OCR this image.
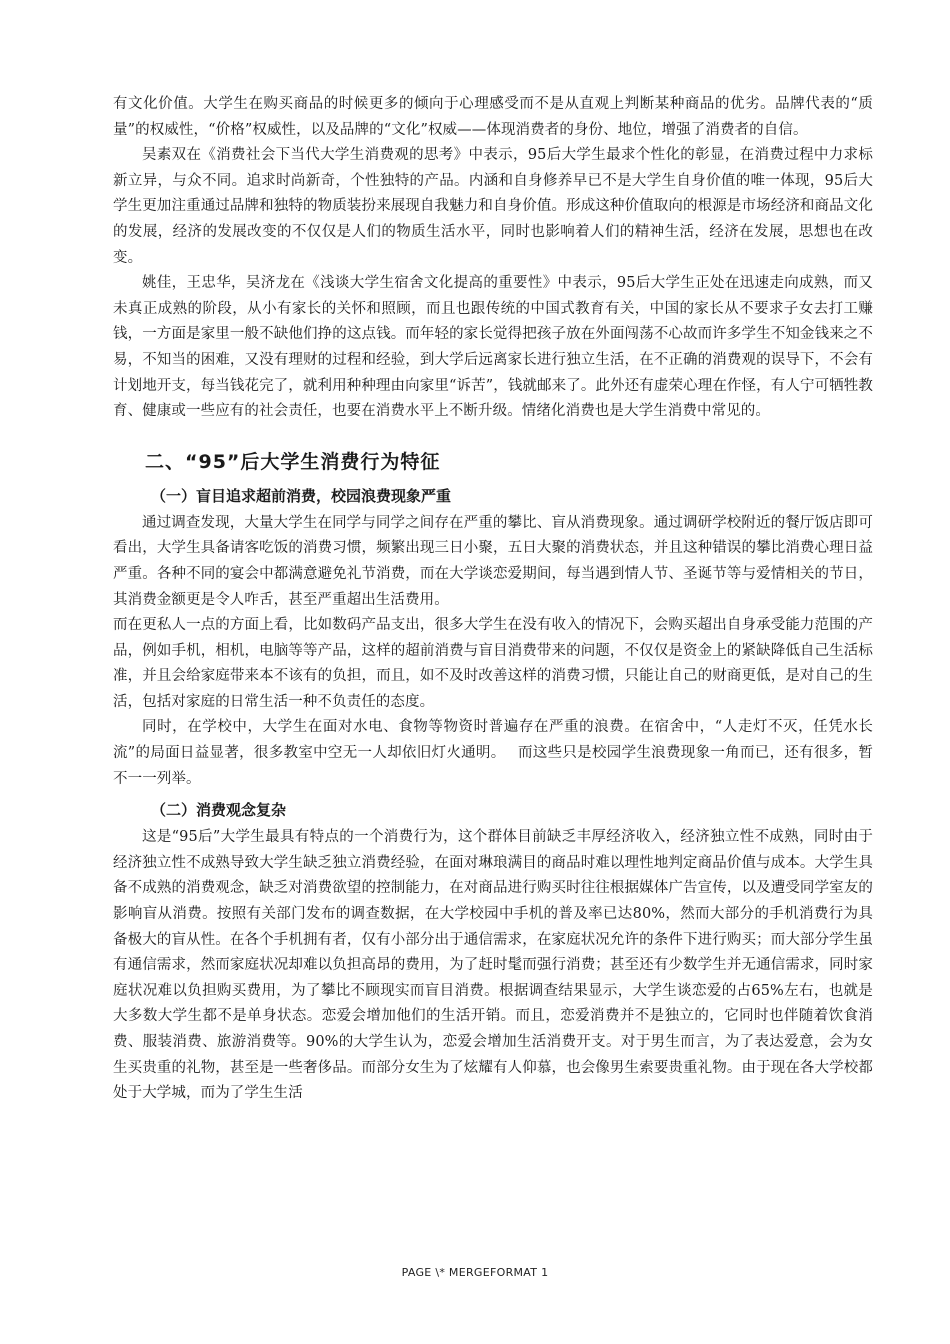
有文化价值。大学生在购买商品的时候更多的倾向于心理感受而不是从直观上判断某种商品的优劣。品牌代表的“质量”的权威性，“价格”权威性，以及品牌的“文化”权威——体现消费者的身份、地位，增强了消费者的自信。

吴素双在《消费社会下当代大学生消费观的思考》中表示，95后大学生最求个性化的彰显，在消费过程中力求标新立异，与众不同。追求时尚新奇，个性独特的产品。内涵和自身修养早已不是大学生自身价值的唯一体现，95后大学生更加注重通过品牌和独特的物质装扮来展现自我魅力和自身价值。形成这种价值取向的根源是市场经济和商品文化的发展，经济的发展改变的不仅仅是人们的物质生活水平，同时也影响着人们的精神生活，经济在发展，思想也在改变。

姚佳，王忠华，吴济龙在《浅谈大学生宿舍文化提高的重要性》中表示，95后大学生正处在迅速走向成熟，而又未真正成熟的阶段，从小有家长的关怀和照顾，而且也跟传统的中国式教育有关，中国的家长从不要求子女去打工赚钱，一方面是家里一般不缺他们挣的这点钱。而年轻的家长觉得把孩子放在外面闯荡不心故而许多学生不知金钱来之不易，不知当的困难，又没有理财的过程和经验，到大学后远离家长进行独立生活，在不正确的消费观的误导下，不会有计划地开支，每当钱花完了，就利用种种理由向家里“诉苦”，钱就邮来了。此外还有虚荣心理在作怪，有人宁可牺牲教育、健康或一些应有的社会责任，也要在消费水平上不断升级。情绪化消费也是大学生消费中常见的。

二、“95”后大学生消费行为特征
（一）盲目追求超前消费，校园浪费现象严重

通过调查发现，大量大学生在同学与同学之间存在严重的攀比、盲从消费现象。通过调研学校附近的餐厅饭店即可看出，大学生具备请客吃饭的消费习惯，频繁出现三日小聚，五日大聚的消费状态，并且这种错误的攀比消费心理日益严重。各种不同的宴会中都满意避免礼节消费，而在大学谈恋爱期间，每当遇到情人节、圣诞节等与爱情相关的节日，其消费金额更是令人咋舌，甚至严重超出生活费用。

而在更私人一点的方面上看，比如数码产品支出，很多大学生在没有收入的情况下，会购买超出自身承受能力范围的产品，例如手机，相机，电脑等等产品，这样的超前消费与盲目消费带来的问题，不仅仅是资金上的紧缺降低自己生活标准，并且会给家庭带来本不该有的负担，而且，如不及时改善这样的消费习惯，只能让自己的财商更低，是对自己的生活，包括对家庭的日常生活一种不负责任的态度。

同时，在学校中，大学生在面对水电、食物等物资时普遍存在严重的浪费。在宿舍中，“人走灯不灭，任凭水长流”的局面日益显著，很多教室中空无一人却依旧灯火通明。　 而这些只是校园学生浪费现象一角而已，还有很多，暂不一一列举。

（二）消费观念复杂

这是“95后”大学生最具有特点的一个消费行为，这个群体目前缺乏丰厚经济收入，经济独立性不成熟，同时由于经济独立性不成熟导致大学生缺乏独立消费经验，在面对琳琅满目的商品时难以理性地判定商品价值与成本。大学生具备不成熟的消费观念，缺乏对消费欲望的控制能力，在对商品进行购买时往往根据媒体广告宣传，以及遭受同学室友的影响盲从消费。按照有关部门发布的调查数据，在大学校园中手机的普及率已达80%，然而大部分的手机消费行为具备极大的盲从性。在各个手机拥有者，仅有小部分出于通信需求，在家庭状况允许的条件下进行购买；而大部分学生虽有通信需求，然而家庭状况却难以负担高昂的费用，为了赶时髦而强行消费；甚至还有少数学生并无通信需求，同时家庭状况难以负担购买费用，为了攀比不顾现实而盲目消费。根据调查结果显示，大学生谈恋爱的占65%左右，也就是大多数大学生都不是单身状态。恋爱会增加他们的生活开销。而且，恋爱消费并不是独立的，它同时也伴随着饮食消费、服装消费、旅游消费等。90%的大学生认为，恋爱会增加生活消费开支。对于男生而言，为了表达爱意，会为女生买贵重的礼物，甚至是一些奢侈品。而部分女生为了炫耀有人仰慕，也会像男生索要贵重礼物。由于现在各大学校都处于大学城，而为了学生生活

PAGE \* MERGEFORMAT 1
